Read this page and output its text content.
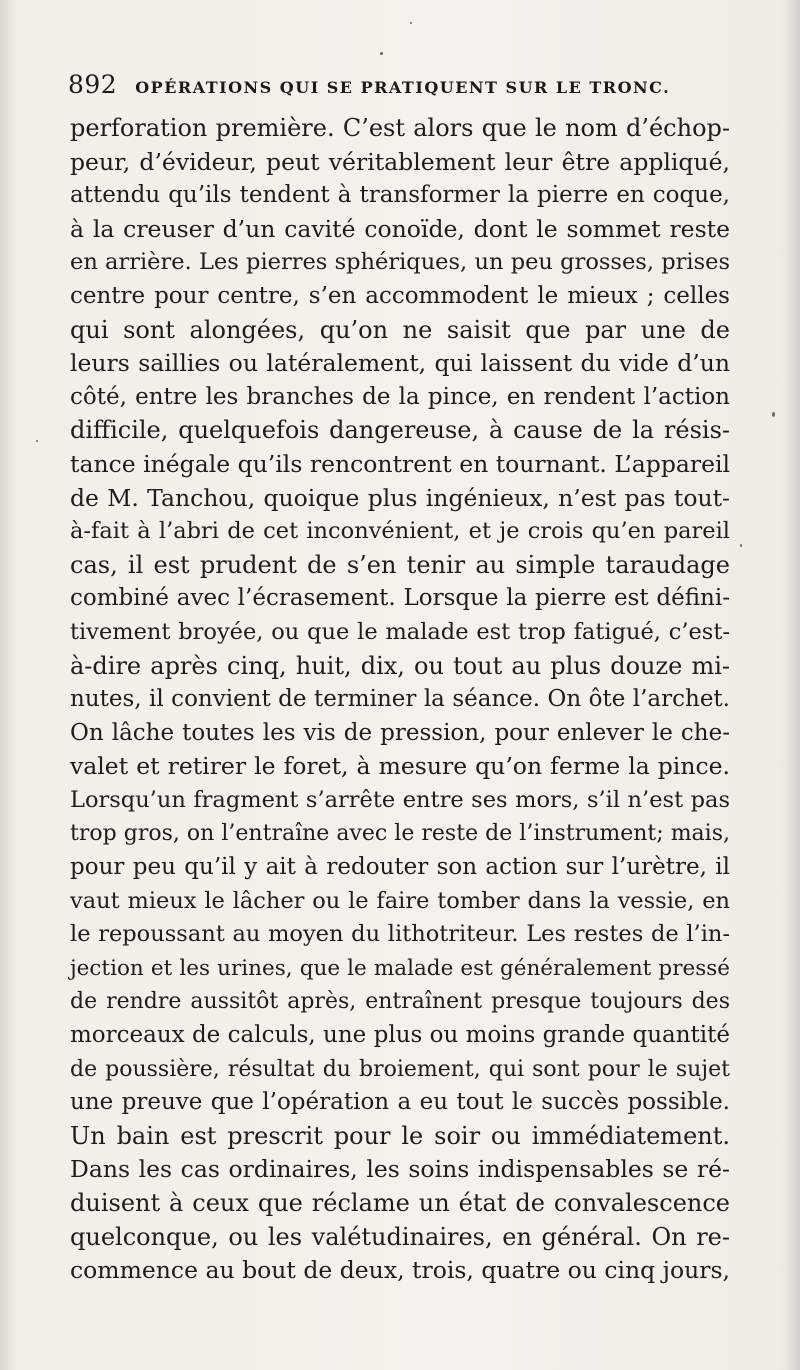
892 OPÉRATIONS QUI SE PRATIQUENT SUR LE TRONC.
perforation première. C’est alors que le nom d’échop-
peur, d’évideur, peut véritablement leur être appliqué,
attendu qu’ils tendent à transformer la pierre en coque,
à la creuser d’un cavité conoïde, dont le sommet reste
en arrière. Les pierres sphériques, un peu grosses, prises
centre pour centre, s’en accommodent le mieux ; celles
qui sont alongées, qu’on ne saisit que par une de
leurs saillies ou latéralement, qui laissent du vide d’un
côté, entre les branches de la pince, en rendent l’action
difficile, quelquefois dangereuse, à cause de la résis-
tance inégale qu’ils rencontrent en tournant. L’appareil
de M. Tanchou, quoique plus ingénieux, n’est pas tout-
à-fait à l’abri de cet inconvénient, et je crois qu’en pareil
cas, il est prudent de s’en tenir au simple taraudage
combiné avec l’écrasement. Lorsque la pierre est défini-
tivement broyée, ou que le malade est trop fatigué, c’est-
à-dire après cinq, huit, dix, ou tout au plus douze mi-
nutes, il convient de terminer la séance. On ôte l’archet.
On lâche toutes les vis de pression, pour enlever le che-
valet et retirer le foret, à mesure qu’on ferme la pince.
Lorsqu’un fragment s’arrête entre ses mors, s’il n’est pas
trop gros, on l’entraîne avec le reste de l’instrument; mais,
pour peu qu’il y ait à redouter son action sur l’urètre, il
vaut mieux le lâcher ou le faire tomber dans la vessie, en
le repoussant au moyen du lithotriteur. Les restes de l’in-
jection et les urines, que le malade est généralement pressé
de rendre aussitôt après, entraînent presque toujours des
morceaux de calculs, une plus ou moins grande quantité
de poussière, résultat du broiement, qui sont pour le sujet
une preuve que l’opération a eu tout le succès possible.
Un bain est prescrit pour le soir ou immédiatement.
Dans les cas ordinaires, les soins indispensables se ré-
duisent à ceux que réclame un état de convalescence
quelconque, ou les valétudinaires, en général. On re-
commence au bout de deux, trois, quatre ou cinq jours,
